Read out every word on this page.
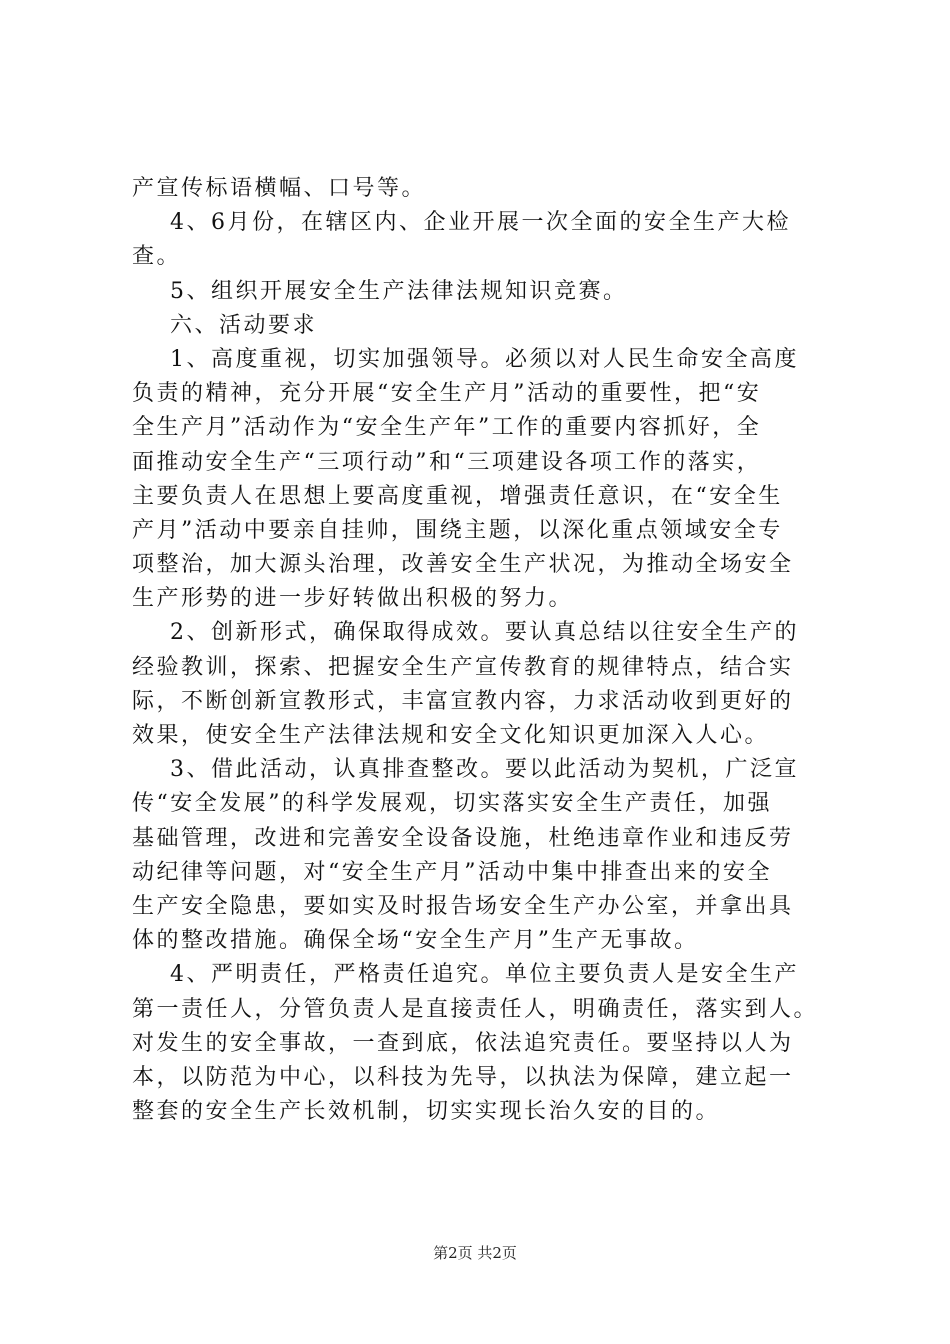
产宣传标语横幅、口号等。
4、6月份，在辖区内、企业开展一次全面的安全生产大检
查。
5、组织开展安全生产法律法规知识竞赛。
六、活动要求
1、高度重视，切实加强领导。必须以对人民生命安全高度
负责的精神，充分开展“安全生产月”活动的重要性，把“安
全生产月”活动作为“安全生产年”工作的重要内容抓好，全
面推动安全生产“三项行动”和“三项建设各项工作的落实，
主要负责人在思想上要高度重视，增强责任意识，在“安全生
产月”活动中要亲自挂帅，围绕主题，以深化重点领域安全专
项整治，加大源头治理，改善安全生产状况，为推动全场安全
生产形势的进一步好转做出积极的努力。
2、创新形式，确保取得成效。要认真总结以往安全生产的
经验教训，探索、把握安全生产宣传教育的规律特点，结合实
际，不断创新宣教形式，丰富宣教内容，力求活动收到更好的
效果，使安全生产法律法规和安全文化知识更加深入人心。
3、借此活动，认真排查整改。要以此活动为契机，广泛宣
传“安全发展”的科学发展观，切实落实安全生产责任，加强
基础管理，改进和完善安全设备设施，杜绝违章作业和违反劳
动纪律等问题，对“安全生产月”活动中集中排查出来的安全
生产安全隐患，要如实及时报告场安全生产办公室，并拿出具
体的整改措施。确保全场“安全生产月”生产无事故。
4、严明责任，严格责任追究。单位主要负责人是安全生产
第一责任人，分管负责人是直接责任人，明确责任，落实到人。
对发生的安全事故，一查到底，依法追究责任。要坚持以人为
本，以防范为中心，以科技为先导，以执法为保障，建立起一
整套的安全生产长效机制，切实实现长治久安的目的。
第2页 共2页
